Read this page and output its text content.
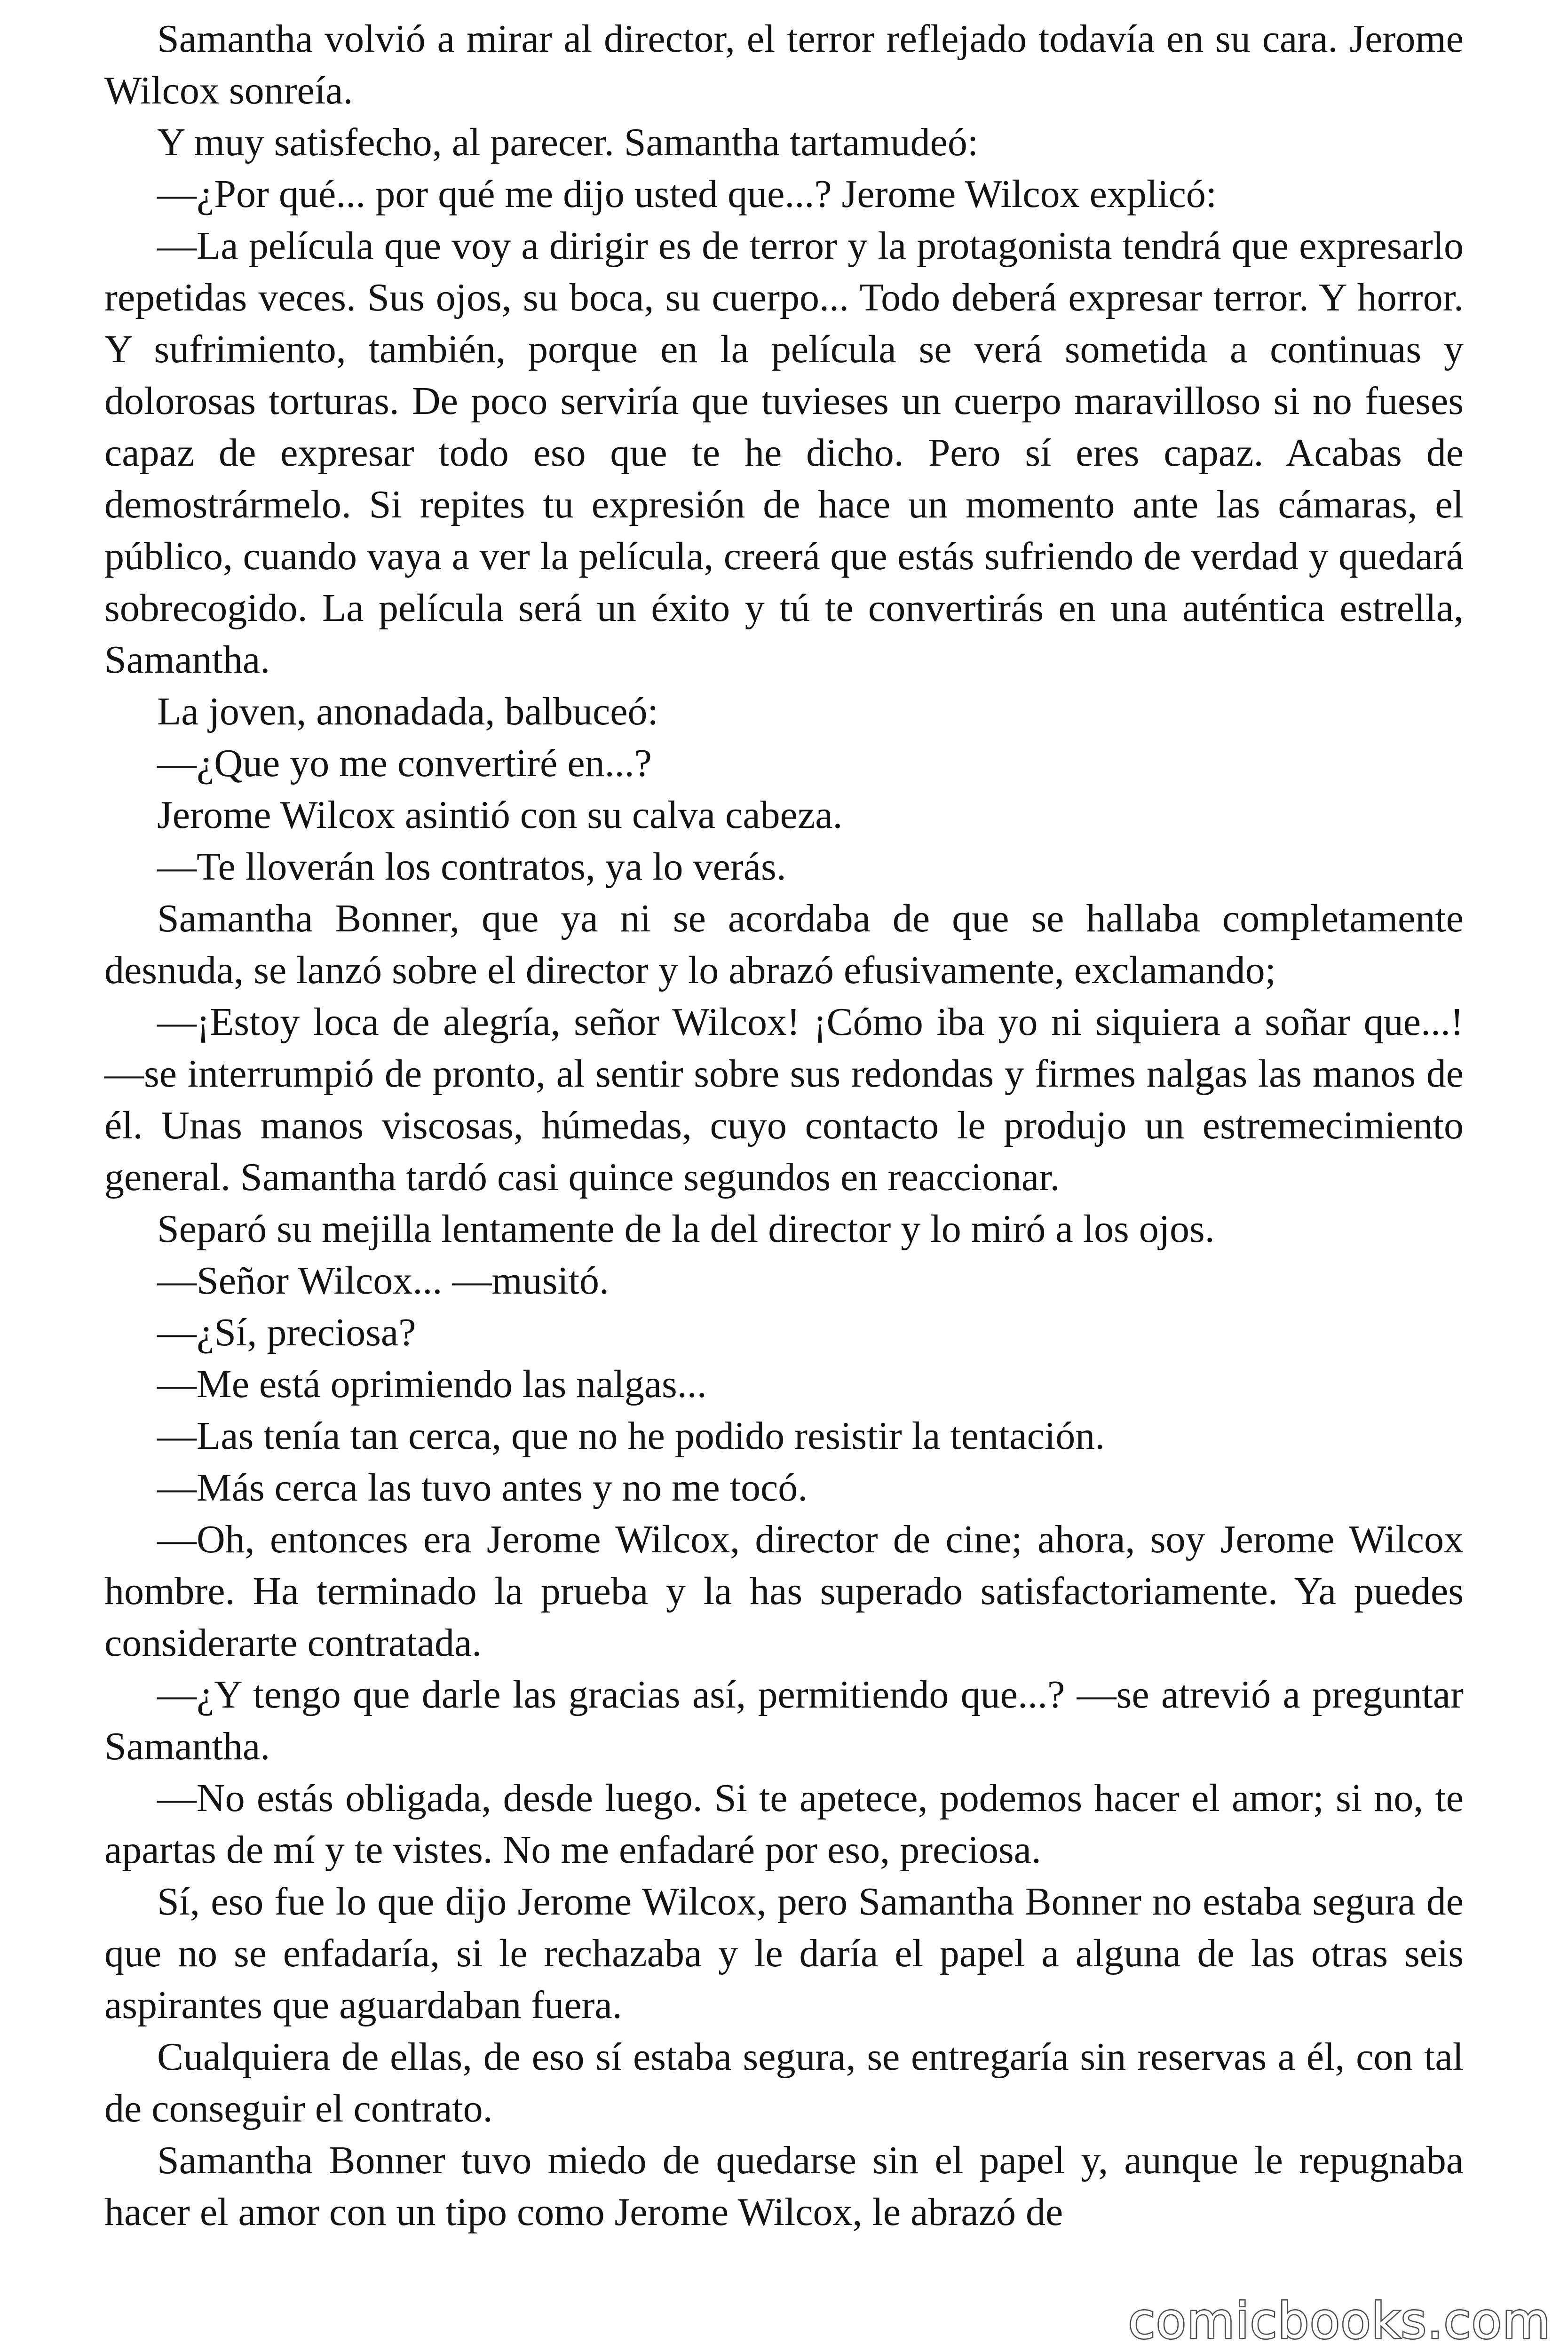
Samantha volvió a mirar al director, el terror reflejado todavía en su cara. Jerome Wilcox sonreía.

Y muy satisfecho, al parecer. Samantha tartamudeó:

—¿Por qué... por qué me dijo usted que...? Jerome Wilcox explicó:

—La película que voy a dirigir es de terror y la protagonista tendrá que expresarlo repetidas veces. Sus ojos, su boca, su cuerpo... Todo deberá expresar terror. Y horror. Y sufrimiento, también, porque en la película se verá sometida a continuas y dolorosas torturas. De poco serviría que tuvieses un cuerpo maravilloso si no fueses capaz de expresar todo eso que te he dicho. Pero sí eres capaz. Acabas de demostrármelo. Si repites tu expresión de hace un momento ante las cámaras, el público, cuando vaya a ver la película, creerá que estás sufriendo de verdad y quedará sobrecogido. La película será un éxito y tú te convertirás en una auténtica estrella, Samantha.

La joven, anonadada, balbuceó:

—¿Que yo me convertiré en...?

Jerome Wilcox asintió con su calva cabeza.

—Te lloverán los contratos, ya lo verás.

Samantha Bonner, que ya ni se acordaba de que se hallaba completamente desnuda, se lanzó sobre el director y lo abrazó efusivamente, exclamando;

—¡Estoy loca de alegría, señor Wilcox! ¡Cómo iba yo ni siquiera a soñar que...! —se interrumpió de pronto, al sentir sobre sus redondas y firmes nalgas las manos de él. Unas manos viscosas, húmedas, cuyo contacto le produjo un estremecimiento general. Samantha tardó casi quince segundos en reaccionar.

Separó su mejilla lentamente de la del director y lo miró a los ojos.

—Señor Wilcox... —musitó.

—¿Sí, preciosa?

—Me está oprimiendo las nalgas...

—Las tenía tan cerca, que no he podido resistir la tentación.

—Más cerca las tuvo antes y no me tocó.

—Oh, entonces era Jerome Wilcox, director de cine; ahora, soy Jerome Wilcox hombre. Ha terminado la prueba y la has superado satisfactoriamente. Ya puedes considerarte contratada.

—¿Y tengo que darle las gracias así, permitiendo que...? —se atrevió a preguntar Samantha.

—No estás obligada, desde luego. Si te apetece, podemos hacer el amor; si no, te apartas de mí y te vistes. No me enfadaré por eso, preciosa.

Sí, eso fue lo que dijo Jerome Wilcox, pero Samantha Bonner no estaba segura de que no se enfadaría, si le rechazaba y le daría el papel a alguna de las otras seis aspirantes que aguardaban fuera.

Cualquiera de ellas, de eso sí estaba segura, se entregaría sin reservas a él, con tal de conseguir el contrato.

Samantha Bonner tuvo miedo de quedarse sin el papel y, aunque le repugnaba hacer el amor con un tipo como Jerome Wilcox, le abrazó de

comicbooks.com
